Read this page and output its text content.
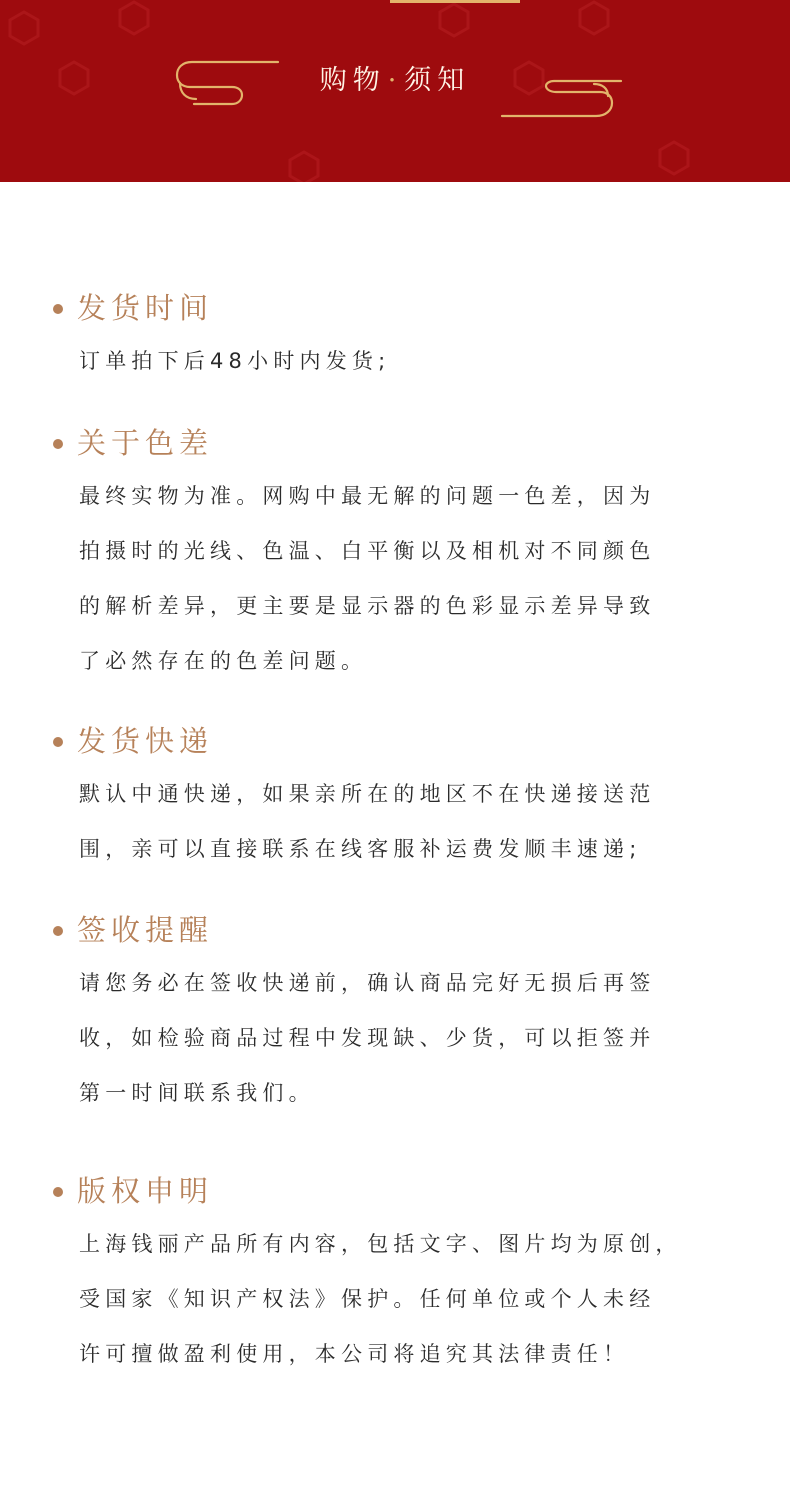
购物·须知
发货时间

订单拍下后48小时内发货;

关于色差

最终实物为准。网购中最无解的问题一色差，因为

拍摄时的光线、色温、白平衡以及相机对不同颜色

的解析差异，更主要是显示器的色彩显示差异导致

了必然存在的色差问题。

发货快递

默认中通快递，如果亲所在的地区不在快递接送范

围，亲可以直接联系在线客服补运费发顺丰速递;

签收提醒

请您务必在签收快递前，确认商品完好无损后再签

收，如检验商品过程中发现缺、少货，可以拒签并

第一时间联系我们。

版权申明

上海钱丽产品所有内容，包括文字、图片均为原创，

受国家《知识产权法》保护。任何单位或个人未经

许可擅做盈利使用，本公司将追究其法律责任！
